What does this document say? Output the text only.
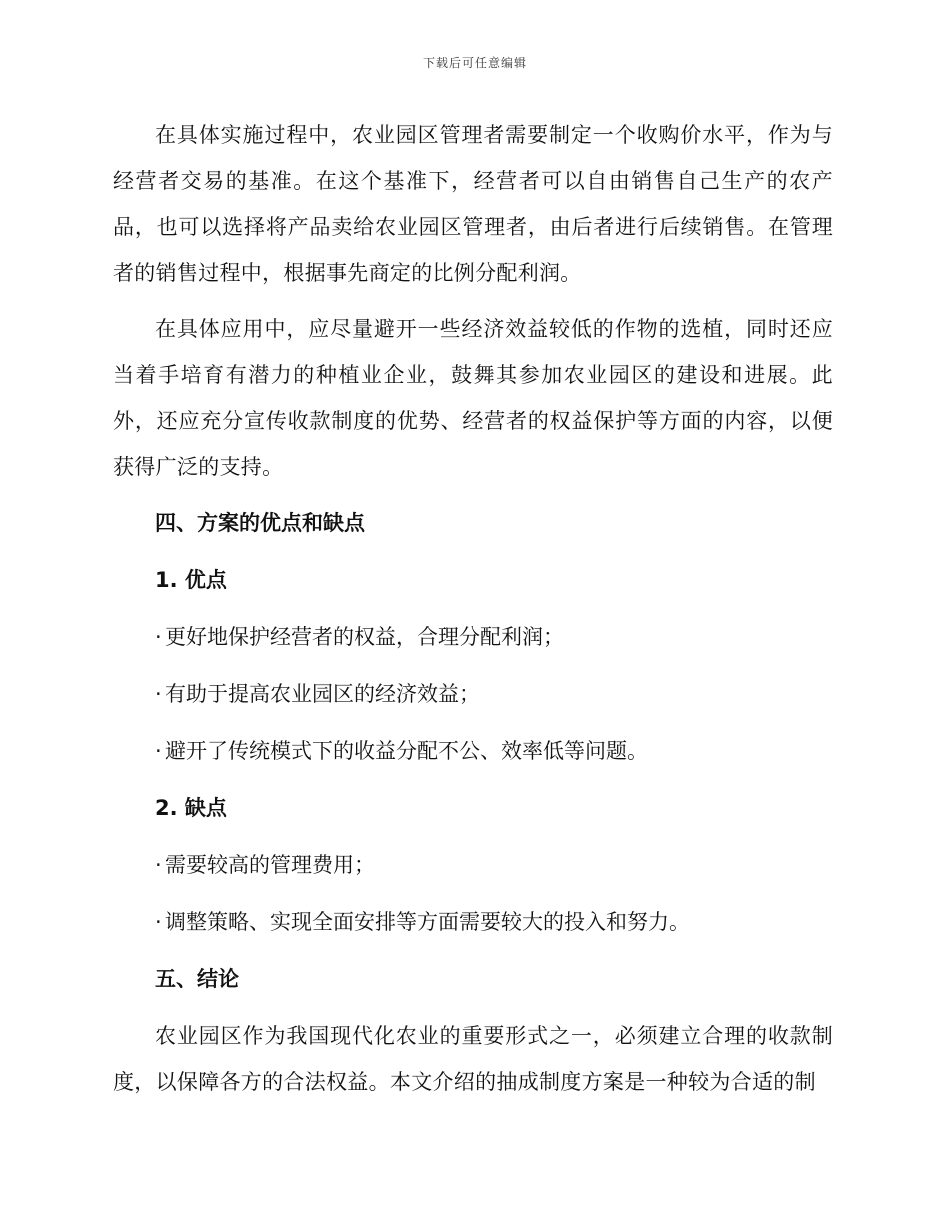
下载后可任意编辑

在具体实施过程中，农业园区管理者需要制定一个收购价水平，作为与经营者交易的基准。在这个基准下，经营者可以自由销售自己生产的农产品，也可以选择将产品卖给农业园区管理者，由后者进行后续销售。在管理者的销售过程中，根据事先商定的比例分配利润。

在具体应用中，应尽量避开一些经济效益较低的作物的选植，同时还应当着手培育有潜力的种植业企业，鼓舞其参加农业园区的建设和进展。此外，还应充分宣传收款制度的优势、经营者的权益保护等方面的内容，以便获得广泛的支持。

四、方案的优点和缺点
1. 优点
· 更好地保护经营者的权益，合理分配利润；
· 有助于提高农业园区的经济效益；
· 避开了传统模式下的收益分配不公、效率低等问题。
2. 缺点
· 需要较高的管理费用；
· 调整策略、实现全面安排等方面需要较大的投入和努力。
五、结论

农业园区作为我国现代化农业的重要形式之一，必须建立合理的收款制度，以保障各方的合法权益。本文介绍的抽成制度方案是一种较为合适的制
